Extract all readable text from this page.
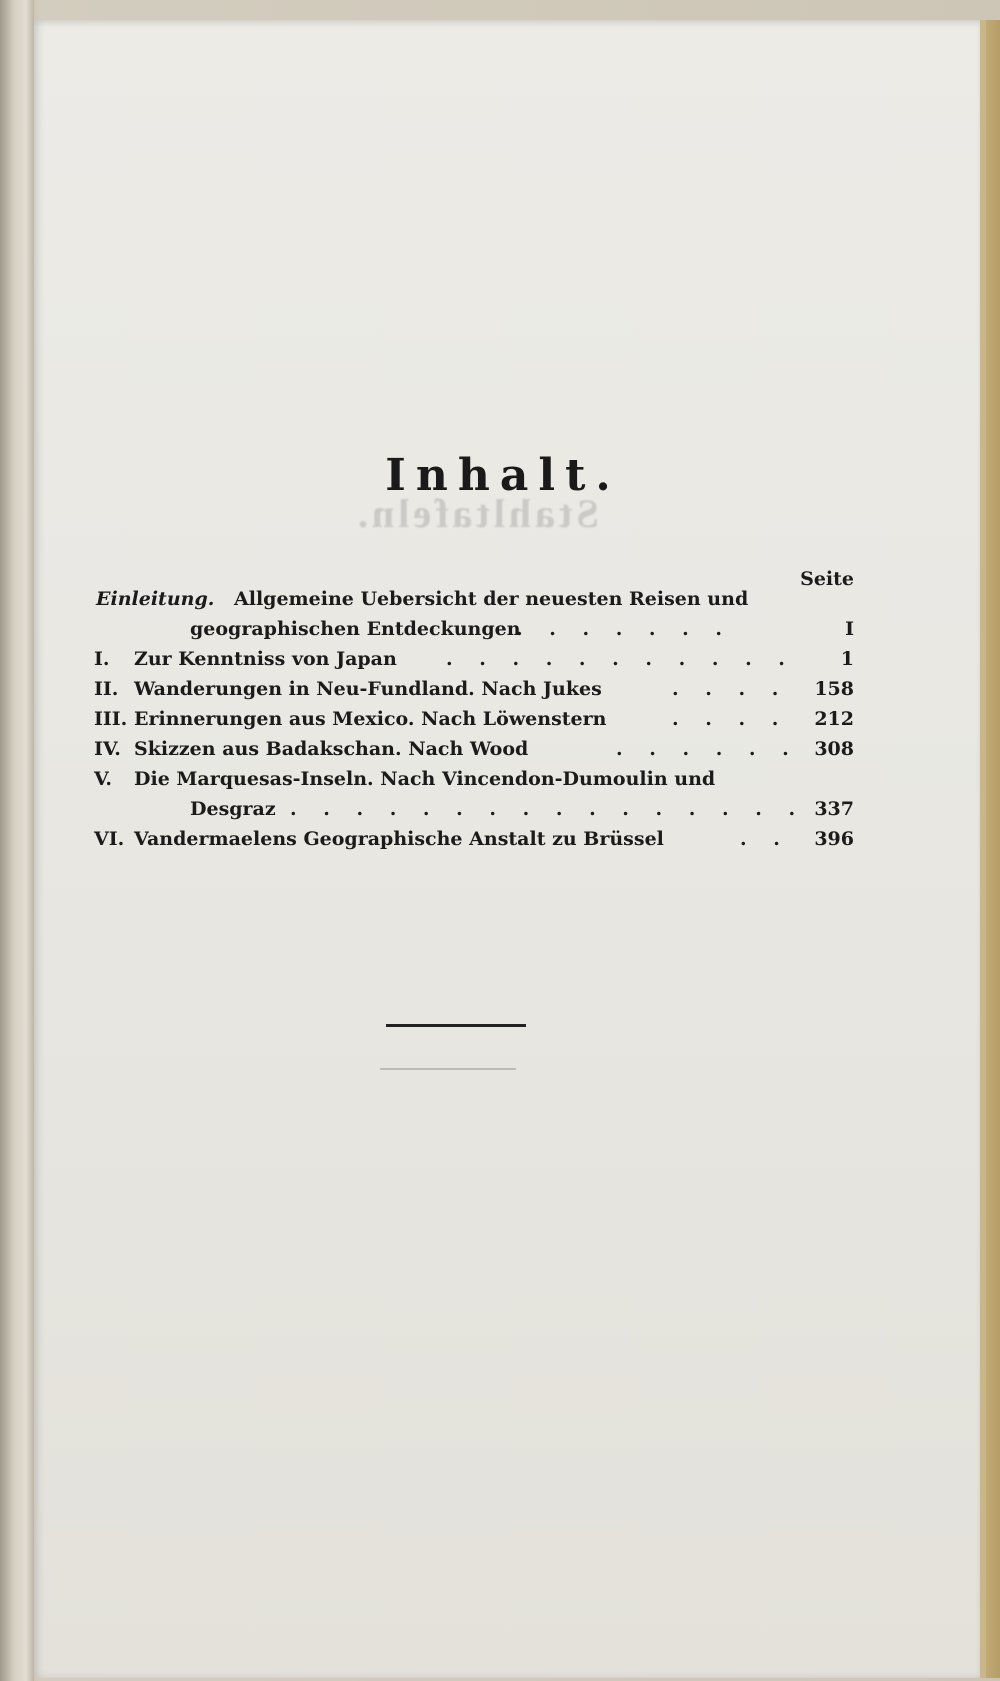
Stahltafeln.
Inhalt.
Seite
Einleitung. Allgemeine Uebersicht der neuesten Reisen und
geographischen Entdeckungen
. . . . . . .	I
I. Zur Kenntniss von Japan	. . . . . . . . . . . 1
II. Wanderungen in Neu-Fundland. Nach Jukes	. . . . 158
III. Erinnerungen aus Mexico. Nach Löwenstern	. . . . 212
IV. Skizzen aus Badakschan. Nach Wood	. . . . . . 308
V. Die Marquesas-Inseln. Nach Vincendon-Dumoulin und
Desgraz . . . . . . . . . . . . . . . . 337
VI. Vandermaelens Geographische Anstalt zu Brüssel	. . 396
